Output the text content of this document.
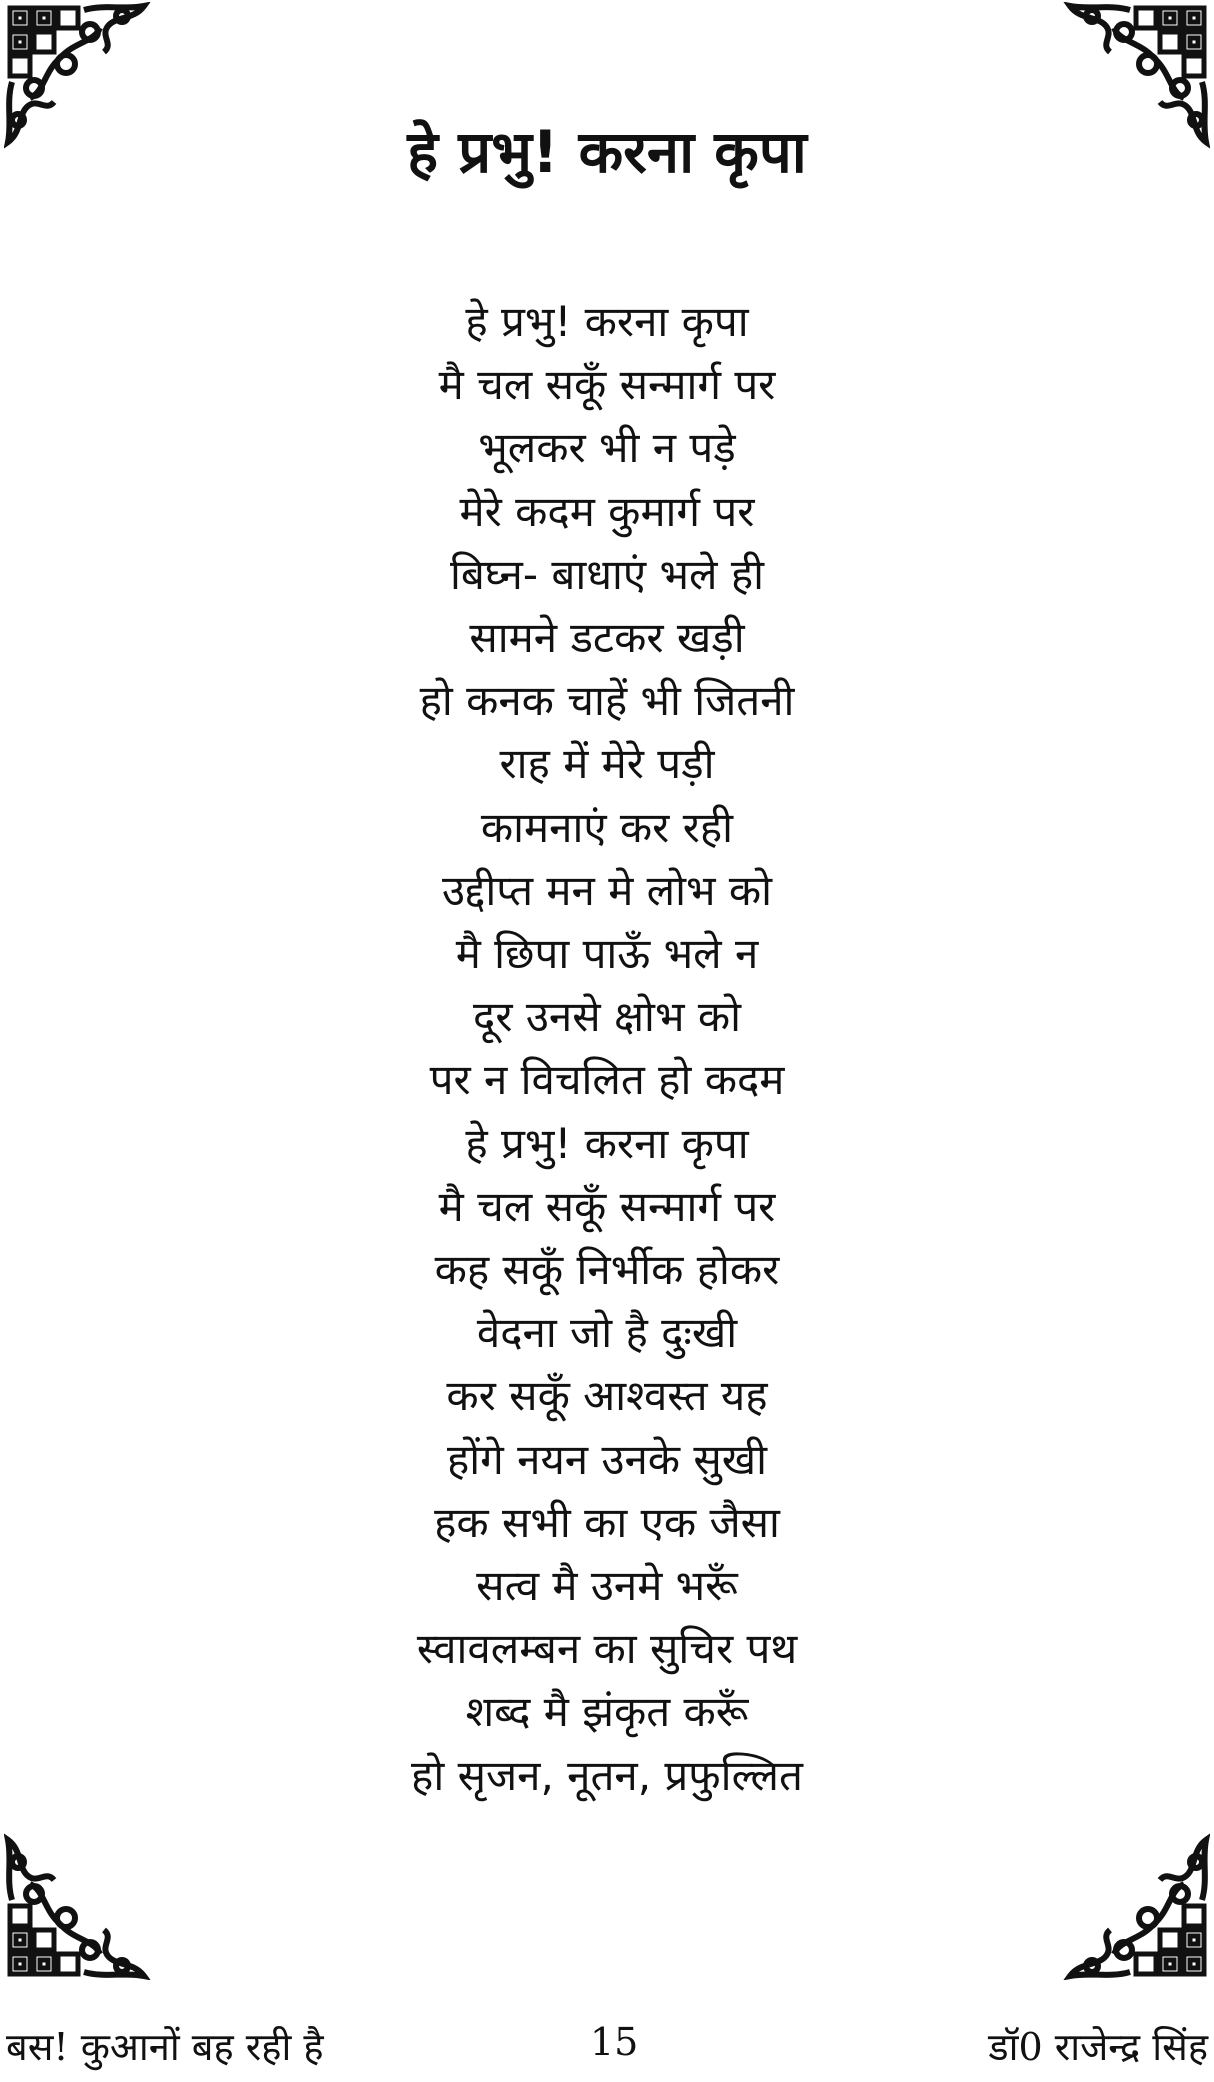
हे प्रभु! करना कृपा
हे प्रभु! करना कृपा
मै चल सकूँ सन्मार्ग पर
भूलकर भी न पड़े
मेरे कदम कुमार्ग पर
बिघ्न- बाधाएं भले ही
सामने डटकर खड़ी
हो कनक चाहें भी जितनी
राह में मेरे पड़ी
कामनाएं कर रही
उद्दीप्त मन मे लोभ को
मै छिपा पाऊँ भले न
दूर उनसे क्षोभ को
पर न विचलित हो कदम
हे प्रभु! करना कृपा
मै चल सकूँ सन्मार्ग पर
कह सकूँ निर्भीक होकर
वेदना जो है दुःखी
कर सकूँ आश्वस्त यह
होंगे नयन उनके सुखी
हक सभी का एक जैसा
सत्व मै उनमे भरूँ
स्वावलम्बन का सुचिर पथ
शब्द मै झंकृत करूँ
हो सृजन, नूतन, प्रफुल्लित
बस! कुआनों बह रही है	15	डॉ0 राजेन्द्र सिंह
